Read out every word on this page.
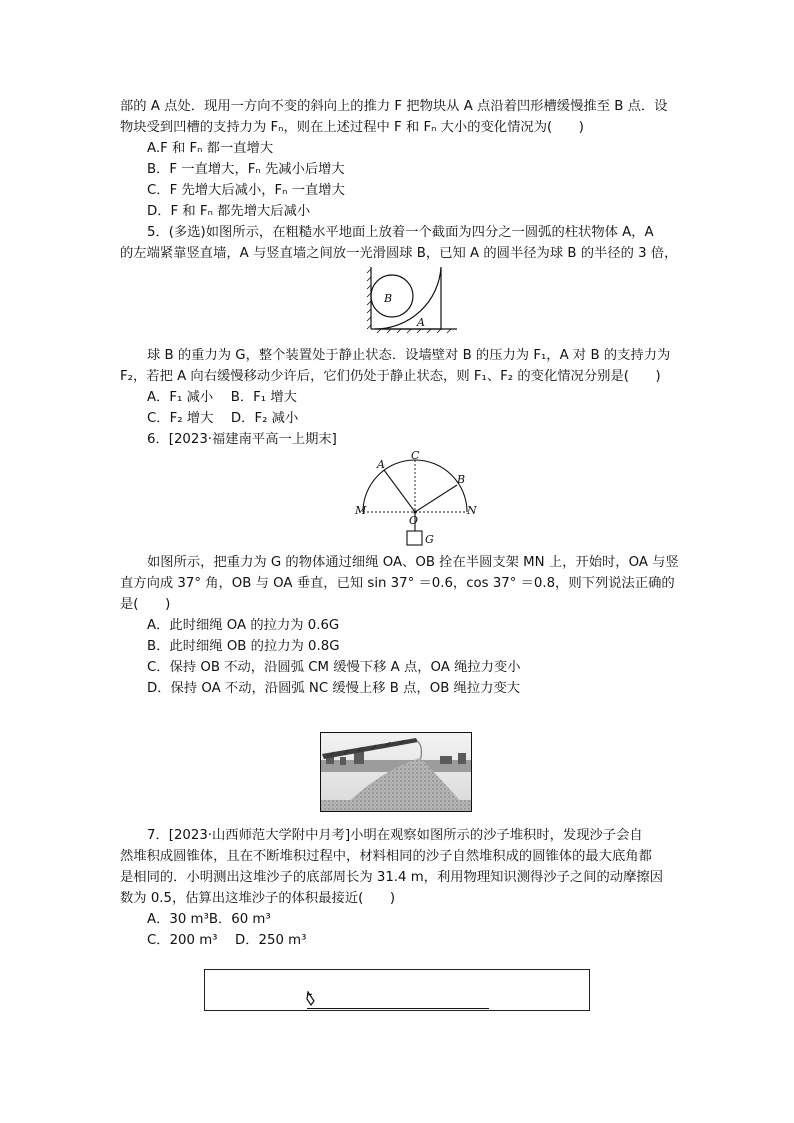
部的 A 点处．现用一方向不变的斜向上的推力 F 把物块从 A 点沿着凹形槽缓慢推至 B 点．设
物块受到凹槽的支持力为 Fₙ，则在上述过程中 F 和 Fₙ 大小的变化情况为(　　)
A.F 和 Fₙ 都一直增大
B．F 一直增大，Fₙ 先减小后增大
C．F 先增大后减小，Fₙ 一直增大
D．F 和 Fₙ 都先增大后减小
5．(多选)如图所示，在粗糙水平地面上放着一个截面为四分之一圆弧的柱状物体 A，A
的左端紧靠竖直墙，A 与竖直墙之间放一光滑圆球 B，已知 A 的圆半径为球 B 的半径的 3 倍，
B
A
球 B 的重力为 G，整个装置处于静止状态．设墙壁对 B 的压力为 F₁，A 对 B 的支持力为
F₂，若把 A 向右缓慢移动少许后，它们仍处于静止状态，则 F₁、F₂ 的变化情况分别是(　　)
A．F₁ 减小　 B．F₁ 增大
C．F₂ 增大　 D．F₂ 减小
6．[2023·福建南平高一上期末]
A
C
B
M	N
O
G
如图所示，把重力为 G 的物体通过细绳 OA、OB 拴在半圆支架 MN 上，开始时，OA 与竖
直方向成 37° 角，OB 与 OA 垂直，已知 sin 37° ＝0.6，cos 37° ＝0.8，则下列说法正确的
是(　　)
A．此时细绳 OA 的拉力为 0.6G
B．此时细绳 OB 的拉力为 0.8G
C．保持 OB 不动，沿圆弧 CM 缓慢下移 A 点，OA 绳拉力变小
D．保持 OA 不动，沿圆弧 NC 缓慢上移 B 点，OB 绳拉力变大
7．[2023·山西师范大学附中月考]小明在观察如图所示的沙子堆积时，发现沙子会自
然堆积成圆锥体，且在不断堆积过程中，材料相同的沙子自然堆积成的圆锥体的最大底角都
是相同的．小明测出这堆沙子的底部周长为 31.4 m，利用物理知识测得沙子之间的动摩擦因
数为 0.5，估算出这堆沙子的体积最接近(　　)
A．30 m³B．60 m³
C．200 m³　 D．250 m³
